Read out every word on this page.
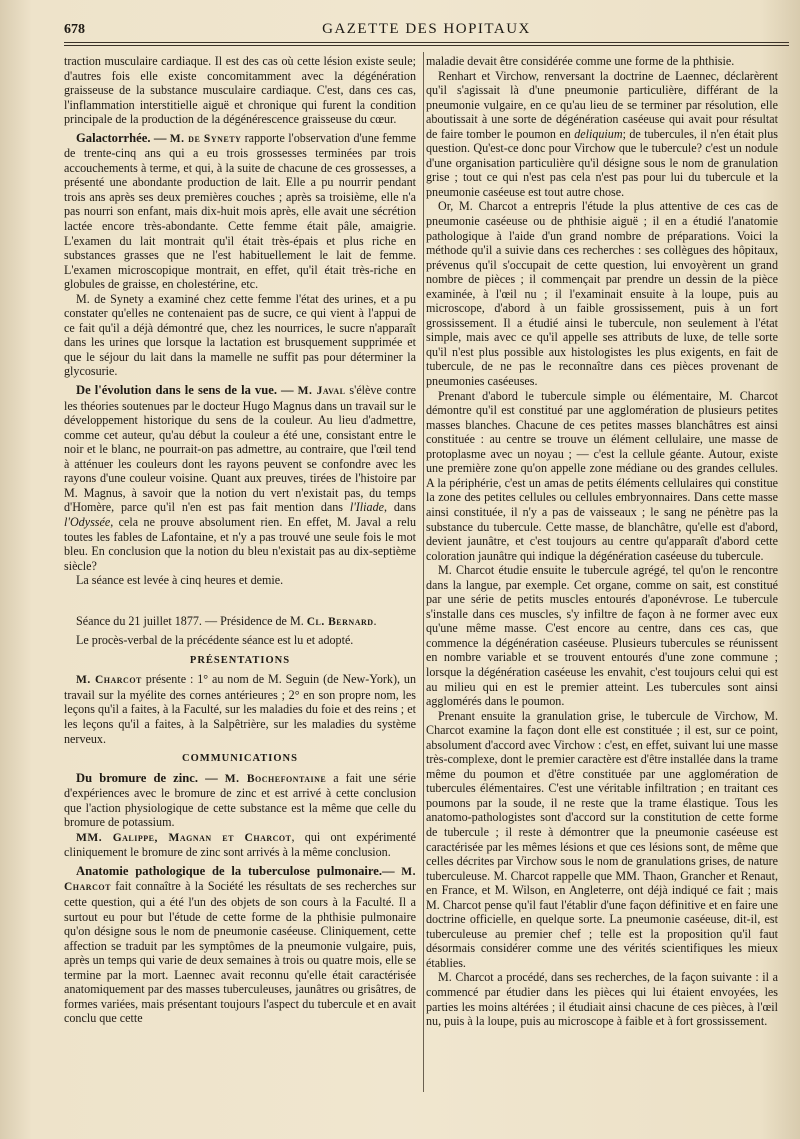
678	GAZETTE DES HOPITAUX

traction musculaire cardiaque. Il est des cas où cette lésion existe seule; d'autres fois elle existe concomitamment avec la dégénération graisseuse de la substance musculaire cardiaque. C'est, dans ces cas, l'inflammation interstitielle aiguë et chronique qui furent la condition principale de la production de la dégénérescence graisseuse du cœur.

Galactorrhée. — M. de Synety rapporte l'observation d'une femme de trente-cinq ans qui a eu trois grossesses terminées par trois accouchements à terme, et qui, à la suite de chacune de ces grossesses, a présenté une abondante production de lait. Elle a pu nourrir pendant trois ans après ses deux premières couches ; après sa troisième, elle n'a pas nourri son enfant, mais dix-huit mois après, elle avait une sécrétion lactée encore très-abondante. Cette femme était pâle, amaigrie. L'examen du lait montrait qu'il était très-épais et plus riche en substances grasses que ne l'est habituellement le lait de femme. L'examen microscopique montrait, en effet, qu'il était très-riche en globules de graisse, en cholestérine, etc.

M. de Synety a examiné chez cette femme l'état des urines, et a pu constater qu'elles ne contenaient pas de sucre, ce qui vient à l'appui de ce fait qu'il a déjà démontré que, chez les nourrices, le sucre n'apparaît dans les urines que lorsque la lactation est brusquement supprimée et que le séjour du lait dans la mamelle ne suffit pas pour déterminer la glycosurie.

De l'évolution dans le sens de la vue. — M. Javal s'élève contre les théories soutenues par le docteur Hugo Magnus dans un travail sur le développement historique du sens de la couleur. Au lieu d'admettre, comme cet auteur, qu'au début la couleur a été une, consistant entre le noir et le blanc, ne pourrait-on pas admettre, au contraire, que l'œil tend à atténuer les couleurs dont les rayons peuvent se confondre avec les rayons d'une couleur voisine. Quant aux preuves, tirées de l'histoire par M. Magnus, à savoir que la notion du vert n'existait pas, du temps d'Homère, parce qu'il n'en est pas fait mention dans l'Iliade, dans l'Odyssée, cela ne prouve absolument rien. En effet, M. Javal a relu toutes les fables de Lafontaine, et n'y a pas trouvé une seule fois le mot bleu. En conclusion que la notion du bleu n'existait pas au dix-septième siècle?

La séance est levée à cinq heures et demie.

Séance du 21 juillet 1877. — Présidence de M. Cl. Bernard.

Le procès-verbal de la précédente séance est lu et adopté.

PRÉSENTATIONS

M. Charcot présente : 1° au nom de M. Seguin (de New-York), un travail sur la myélite des cornes antérieures ; 2° en son propre nom, les leçons qu'il a faites, à la Faculté, sur les maladies du foie et des reins ; et les leçons qu'il a faites, à la Salpêtrière, sur les maladies du système nerveux.

COMMUNICATIONS

Du bromure de zinc. — M. Bochefontaine a fait une série d'expériences avec le bromure de zinc et est arrivé à cette conclusion que l'action physiologique de cette substance est la même que celle du bromure de potassium.

MM. Galippe, Magnan et Charcot, qui ont expérimenté cliniquement le bromure de zinc sont arrivés à la même conclusion.

Anatomie pathologique de la tuberculose pulmonaire.— M. Charcot fait connaître à la Société les résultats de ses recherches sur cette question, qui a été l'un des objets de son cours à la Faculté. Il a surtout eu pour but l'étude de cette forme de la phthisie pulmonaire qu'on désigne sous le nom de pneumonie caséeuse. Cliniquement, cette affection se traduit par les symptômes de la pneumonie vulgaire, puis, après un temps qui varie de deux semaines à trois ou quatre mois, elle se termine par la mort. Laennec avait reconnu qu'elle était caractérisée anatomiquement par des masses tuberculeuses, jaunâtres ou grisâtres, de formes variées, mais présentant toujours l'aspect du tubercule et en avait conclu que cette

maladie devait être considérée comme une forme de la phthisie.

Renhart et Virchow, renversant la doctrine de Laennec, déclarèrent qu'il s'agissait là d'une pneumonie particulière, différant de la pneumonie vulgaire, en ce qu'au lieu de se terminer par résolution, elle aboutissait à une sorte de dégénération caséeuse qui avait pour résultat de faire tomber le poumon en deliquium; de tubercules, il n'en était plus question. Qu'est-ce donc pour Virchow que le tubercule? c'est un nodule d'une organisation particulière qu'il désigne sous le nom de granulation grise ; tout ce qui n'est pas cela n'est pas pour lui du tubercule et la pneumonie caséeuse est tout autre chose.

Or, M. Charcot a entrepris l'étude la plus attentive de ces cas de pneumonie caséeuse ou de phthisie aiguë ; il en a étudié l'anatomie pathologique à l'aide d'un grand nombre de préparations. Voici la méthode qu'il a suivie dans ces recherches : ses collègues des hôpitaux, prévenus qu'il s'occupait de cette question, lui envoyèrent un grand nombre de pièces ; il commençait par prendre un dessin de la pièce examinée, à l'œil nu ; il l'examinait ensuite à la loupe, puis au microscope, d'abord à un faible grossissement, puis à un fort grossissement. Il a étudié ainsi le tubercule, non seulement à l'état simple, mais avec ce qu'il appelle ses attributs de luxe, de telle sorte qu'il n'est plus possible aux histologistes les plus exigents, en fait de tubercule, de ne pas le reconnaître dans ces pièces provenant de pneumonies caséeuses.

Prenant d'abord le tubercule simple ou élémentaire, M. Charcot démontre qu'il est constitué par une agglomération de plusieurs petites masses blanches. Chacune de ces petites masses blanchâtres est ainsi constituée : au centre se trouve un élément cellulaire, une masse de protoplasme avec un noyau ; — c'est la cellule géante. Autour, existe une première zone qu'on appelle zone médiane ou des grandes cellules. A la périphérie, c'est un amas de petits éléments cellulaires qui constitue la zone des petites cellules ou cellules embryonnaires. Dans cette masse ainsi constituée, il n'y a pas de vaisseaux ; le sang ne pénètre pas la substance du tubercule. Cette masse, de blanchâtre, qu'elle est d'abord, devient jaunâtre, et c'est toujours au centre qu'apparaît d'abord cette coloration jaunâtre qui indique la dégénération caséeuse du tubercule.

M. Charcot étudie ensuite le tubercule agrégé, tel qu'on le rencontre dans la langue, par exemple. Cet organe, comme on sait, est constitué par une série de petits muscles entourés d'aponévrose. Le tubercule s'installe dans ces muscles, s'y infiltre de façon à ne former avec eux qu'une même masse. C'est encore au centre, dans ces cas, que commence la dégénération caséeuse. Plusieurs tubercules se réunissent en nombre variable et se trouvent entourés d'une zone commune ; lorsque la dégénération caséeuse les envahit, c'est toujours celui qui est au milieu qui en est le premier atteint. Les tubercules sont ainsi agglomérés dans le poumon.

Prenant ensuite la granulation grise, le tubercule de Virchow, M. Charcot examine la façon dont elle est constituée ; il est, sur ce point, absolument d'accord avec Virchow : c'est, en effet, suivant lui une masse très-complexe, dont le premier caractère est d'être installée dans la trame même du poumon et d'être constituée par une agglomération de tubercules élémentaires. C'est une véritable infiltration ; en traitant ces poumons par la soude, il ne reste que la trame élastique. Tous les anatomo-pathologistes sont d'accord sur la constitution de cette forme de tubercule ; il reste à démontrer que la pneumonie caséeuse est caractérisée par les mêmes lésions et que ces lésions sont, de même que celles décrites par Virchow sous le nom de granulations grises, de nature tuberculeuse. M. Charcot rappelle que MM. Thaon, Grancher et Renaut, en France, et M. Wilson, en Angleterre, ont déjà indiqué ce fait ; mais M. Charcot pense qu'il faut l'établir d'une façon définitive et en faire une doctrine officielle, en quelque sorte. La pneumonie caséeuse, dit-il, est tuberculeuse au premier chef ; telle est la proposition qu'il faut désormais considérer comme une des vérités scientifiques les mieux établies.

M. Charcot a procédé, dans ses recherches, de la façon suivante : il a commencé par étudier dans les pièces qui lui étaient envoyées, les parties les moins altérées ; il étudiait ainsi chacune de ces pièces, à l'œil nu, puis à la loupe, puis au microscope à faible et à fort grossissement.
